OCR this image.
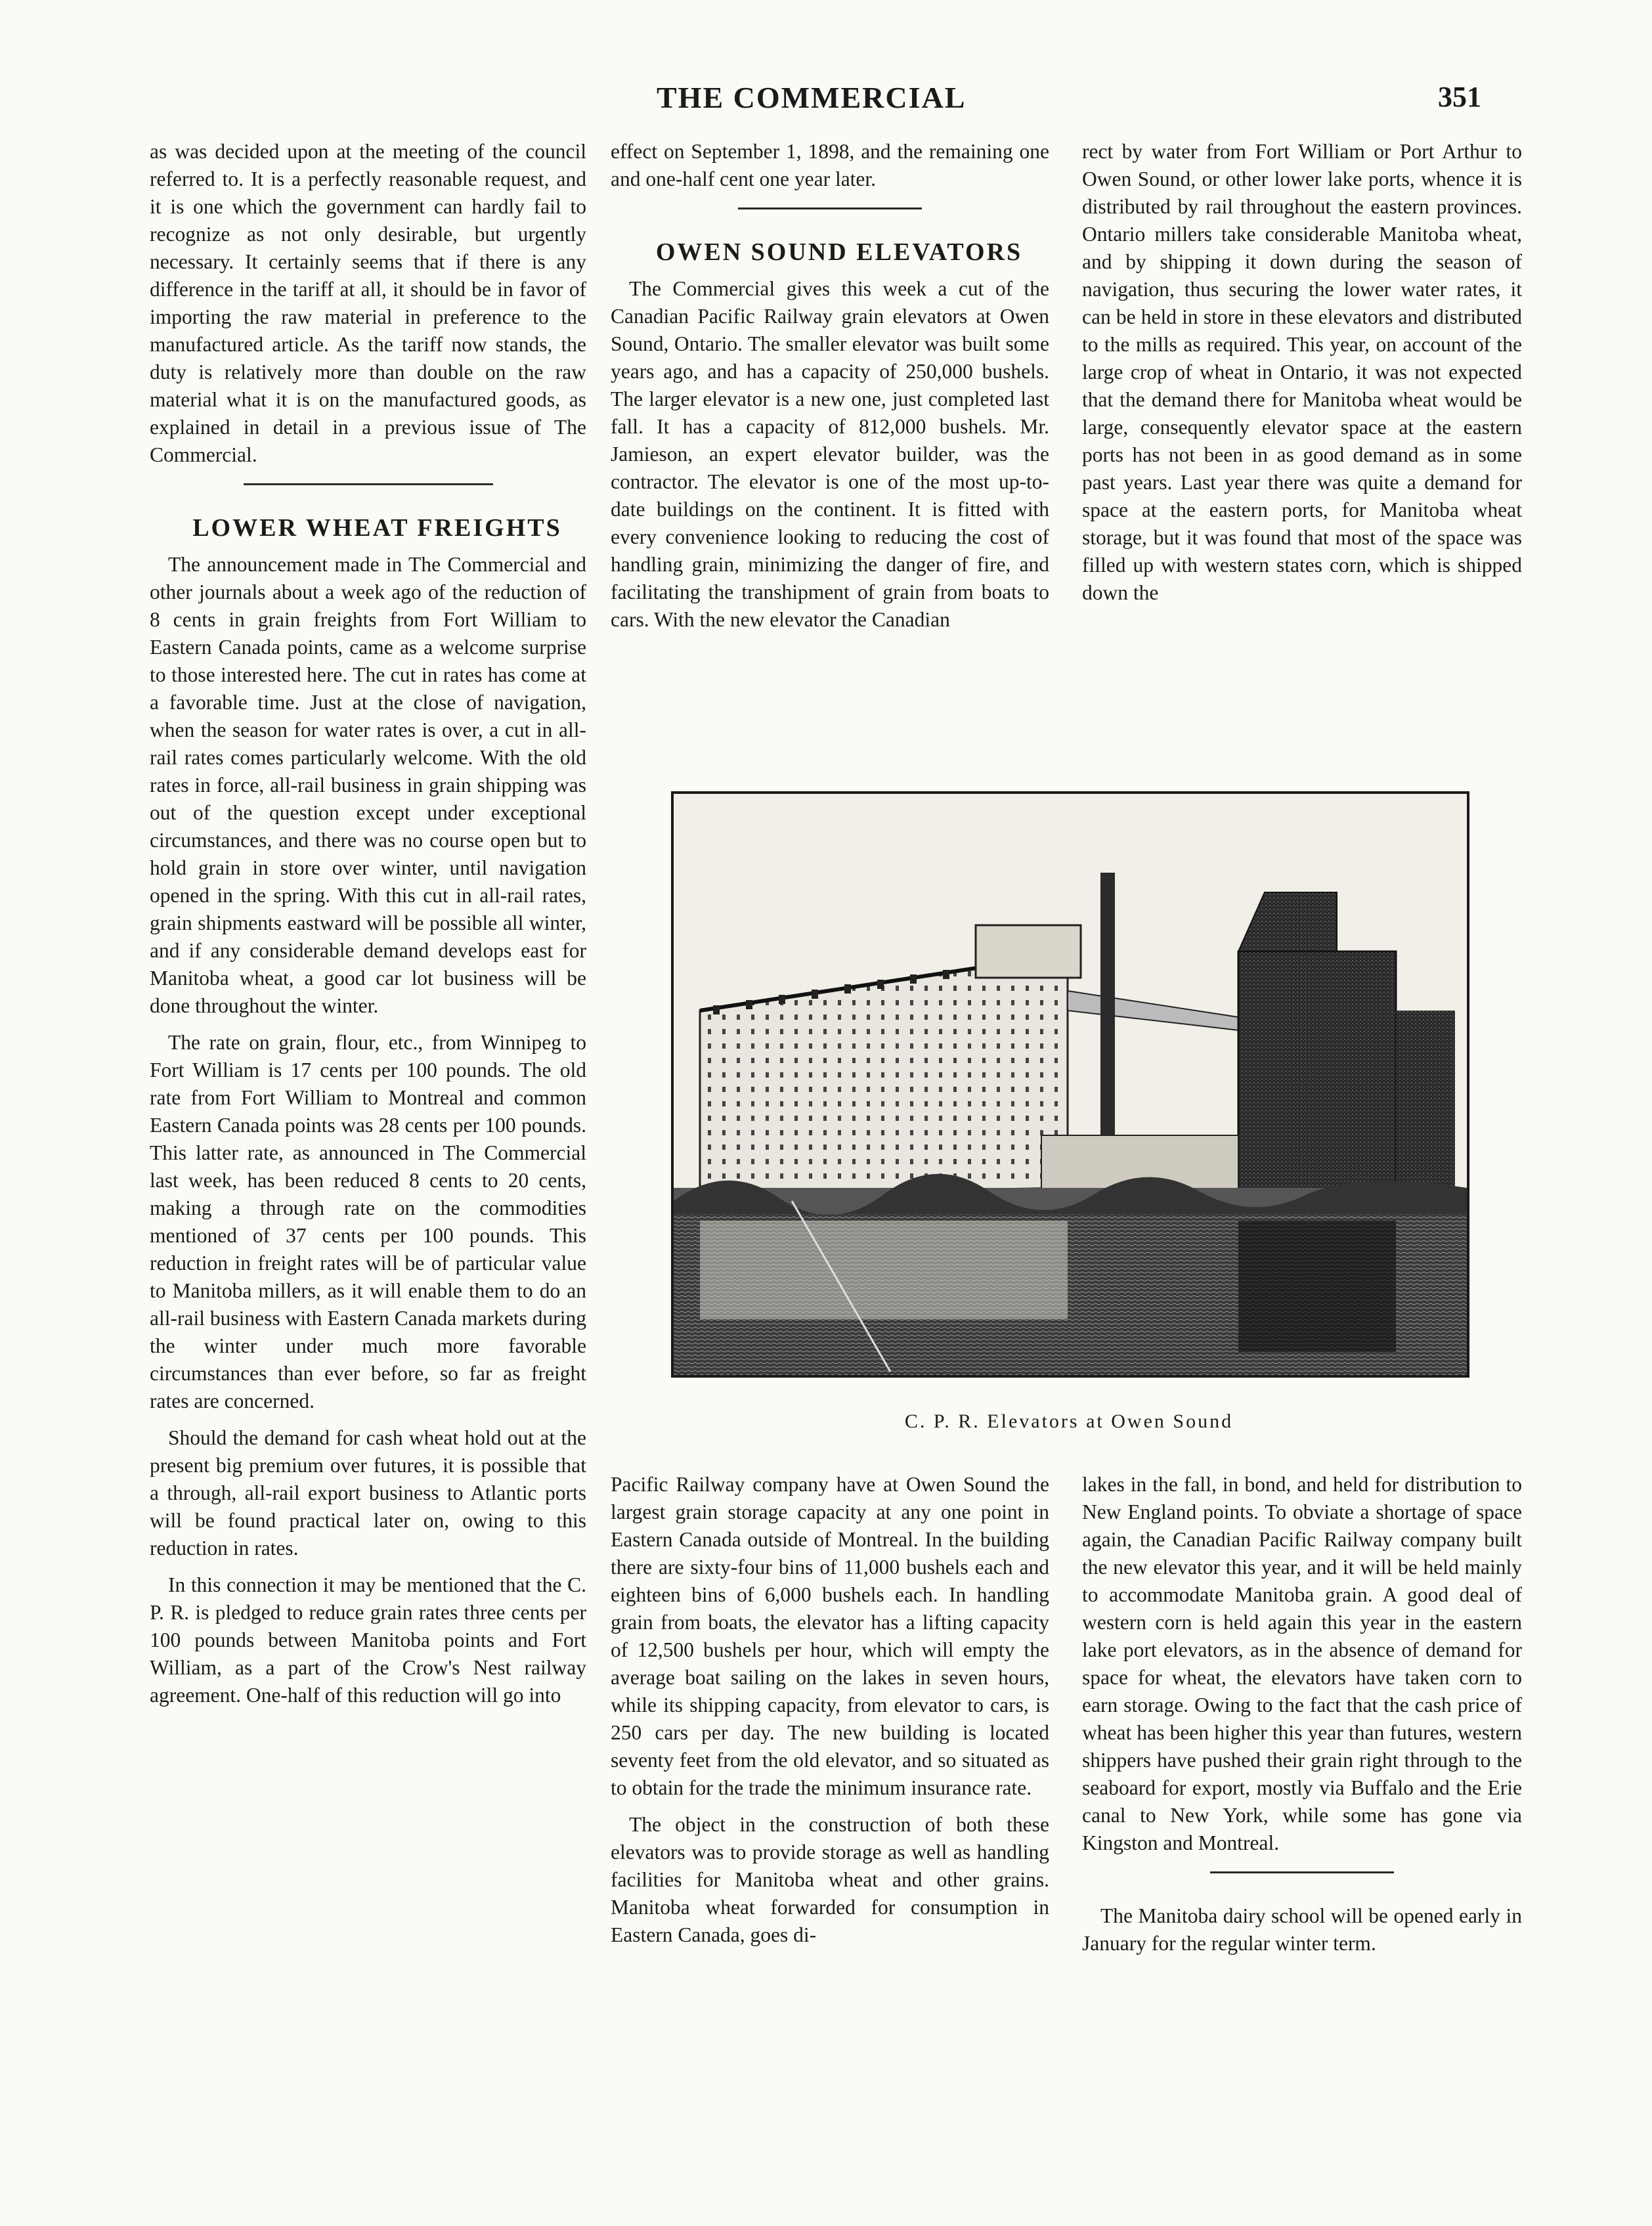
THE COMMERCIAL	351

as was decided upon at the meeting of the council referred to. It is a perfectly reasonable request, and it is one which the government can hardly fail to recognize as not only desirable, but urgently necessary. It certainly seems that if there is any difference in the tariff at all, it should be in favor of importing the raw material in preference to the manufactured article. As the tariff now stands, the duty is relatively more than double on the raw material what it is on the manufactured goods, as explained in detail in a previous issue of The Commercial.

LOWER WHEAT FREIGHTS

The announcement made in The Commercial and other journals about a week ago of the reduction of 8 cents in grain freights from Fort William to Eastern Canada points, came as a welcome surprise to those interested here. The cut in rates has come at a favorable time. Just at the close of navigation, when the season for water rates is over, a cut in all-rail rates comes particularly welcome. With the old rates in force, all-rail business in grain shipping was out of the question except under exceptional circumstances, and there was no course open but to hold grain in store over winter, until navigation opened in the spring. With this cut in all-rail rates, grain shipments eastward will be possible all winter, and if any considerable demand develops east for Manitoba wheat, a good car lot business will be done throughout the winter.

The rate on grain, flour, etc., from Winnipeg to Fort William is 17 cents per 100 pounds. The old rate from Fort William to Montreal and common Eastern Canada points was 28 cents per 100 pounds. This latter rate, as announced in The Commercial last week, has been reduced 8 cents to 20 cents, making a through rate on the commodities mentioned of 37 cents per 100 pounds. This reduction in freight rates will be of particular value to Manitoba millers, as it will enable them to do an all-rail business with Eastern Canada markets during the winter under much more favorable circumstances than ever before, so far as freight rates are concerned.

Should the demand for cash wheat hold out at the present big premium over futures, it is possible that a through, all-rail export business to Atlantic ports will be found practical later on, owing to this reduction in rates.

In this connection it may be mentioned that the C. P. R. is pledged to reduce grain rates three cents per 100 pounds between Manitoba points and Fort William, as a part of the Crow's Nest railway agreement. One-half of this reduction will go into

effect on September 1, 1898, and the remaining one and one-half cent one year later.

OWEN SOUND ELEVATORS

The Commercial gives this week a cut of the Canadian Pacific Railway grain elevators at Owen Sound, Ontario. The smaller elevator was built some years ago, and has a capacity of 250,000 bushels. The larger elevator is a new one, just completed last fall. It has a capacity of 812,000 bushels. Mr. Jamieson, an expert elevator builder, was the contractor. The elevator is one of the most up-to-date buildings on the continent. It is fitted with every convenience looking to reducing the cost of handling grain, minimizing the danger of fire, and facilitating the transhipment of grain from boats to cars. With the new elevator the Canadian

rect by water from Fort William or Port Arthur to Owen Sound, or other lower lake ports, whence it is distributed by rail throughout the eastern provinces. Ontario millers take considerable Manitoba wheat, and by shipping it down during the season of navigation, thus securing the lower water rates, it can be held in store in these elevators and distributed to the mills as required. This year, on account of the large crop of wheat in Ontario, it was not expected that the demand there for Manitoba wheat would be large, consequently elevator space at the eastern ports has not been in as good demand as in some past years. Last year there was quite a demand for space at the eastern ports, for Manitoba wheat storage, but it was found that most of the space was filled up with western states corn, which is shipped down the

C. P. R. Elevators at Owen Sound

Pacific Railway company have at Owen Sound the largest grain storage capacity at any one point in Eastern Canada outside of Montreal. In the building there are sixty-four bins of 11,000 bushels each and eighteen bins of 6,000 bushels each. In handling grain from boats, the elevator has a lifting capacity of 12,500 bushels per hour, which will empty the average boat sailing on the lakes in seven hours, while its shipping capacity, from elevator to cars, is 250 cars per day. The new building is located seventy feet from the old elevator, and so situated as to obtain for the trade the minimum insurance rate.

The object in the construction of both these elevators was to provide storage as well as handling facilities for Manitoba wheat and other grains. Manitoba wheat forwarded for consumption in Eastern Canada, goes di-

lakes in the fall, in bond, and held for distribution to New England points. To obviate a shortage of space again, the Canadian Pacific Railway company built the new elevator this year, and it will be held mainly to accommodate Manitoba grain. A good deal of western corn is held again this year in the eastern lake port elevators, as in the absence of demand for space for wheat, the elevators have taken corn to earn storage. Owing to the fact that the cash price of wheat has been higher this year than futures, western shippers have pushed their grain right through to the seaboard for export, mostly via Buffalo and the Erie canal to New York, while some has gone via Kingston and Montreal.

The Manitoba dairy school will be opened early in January for the regular winter term.
